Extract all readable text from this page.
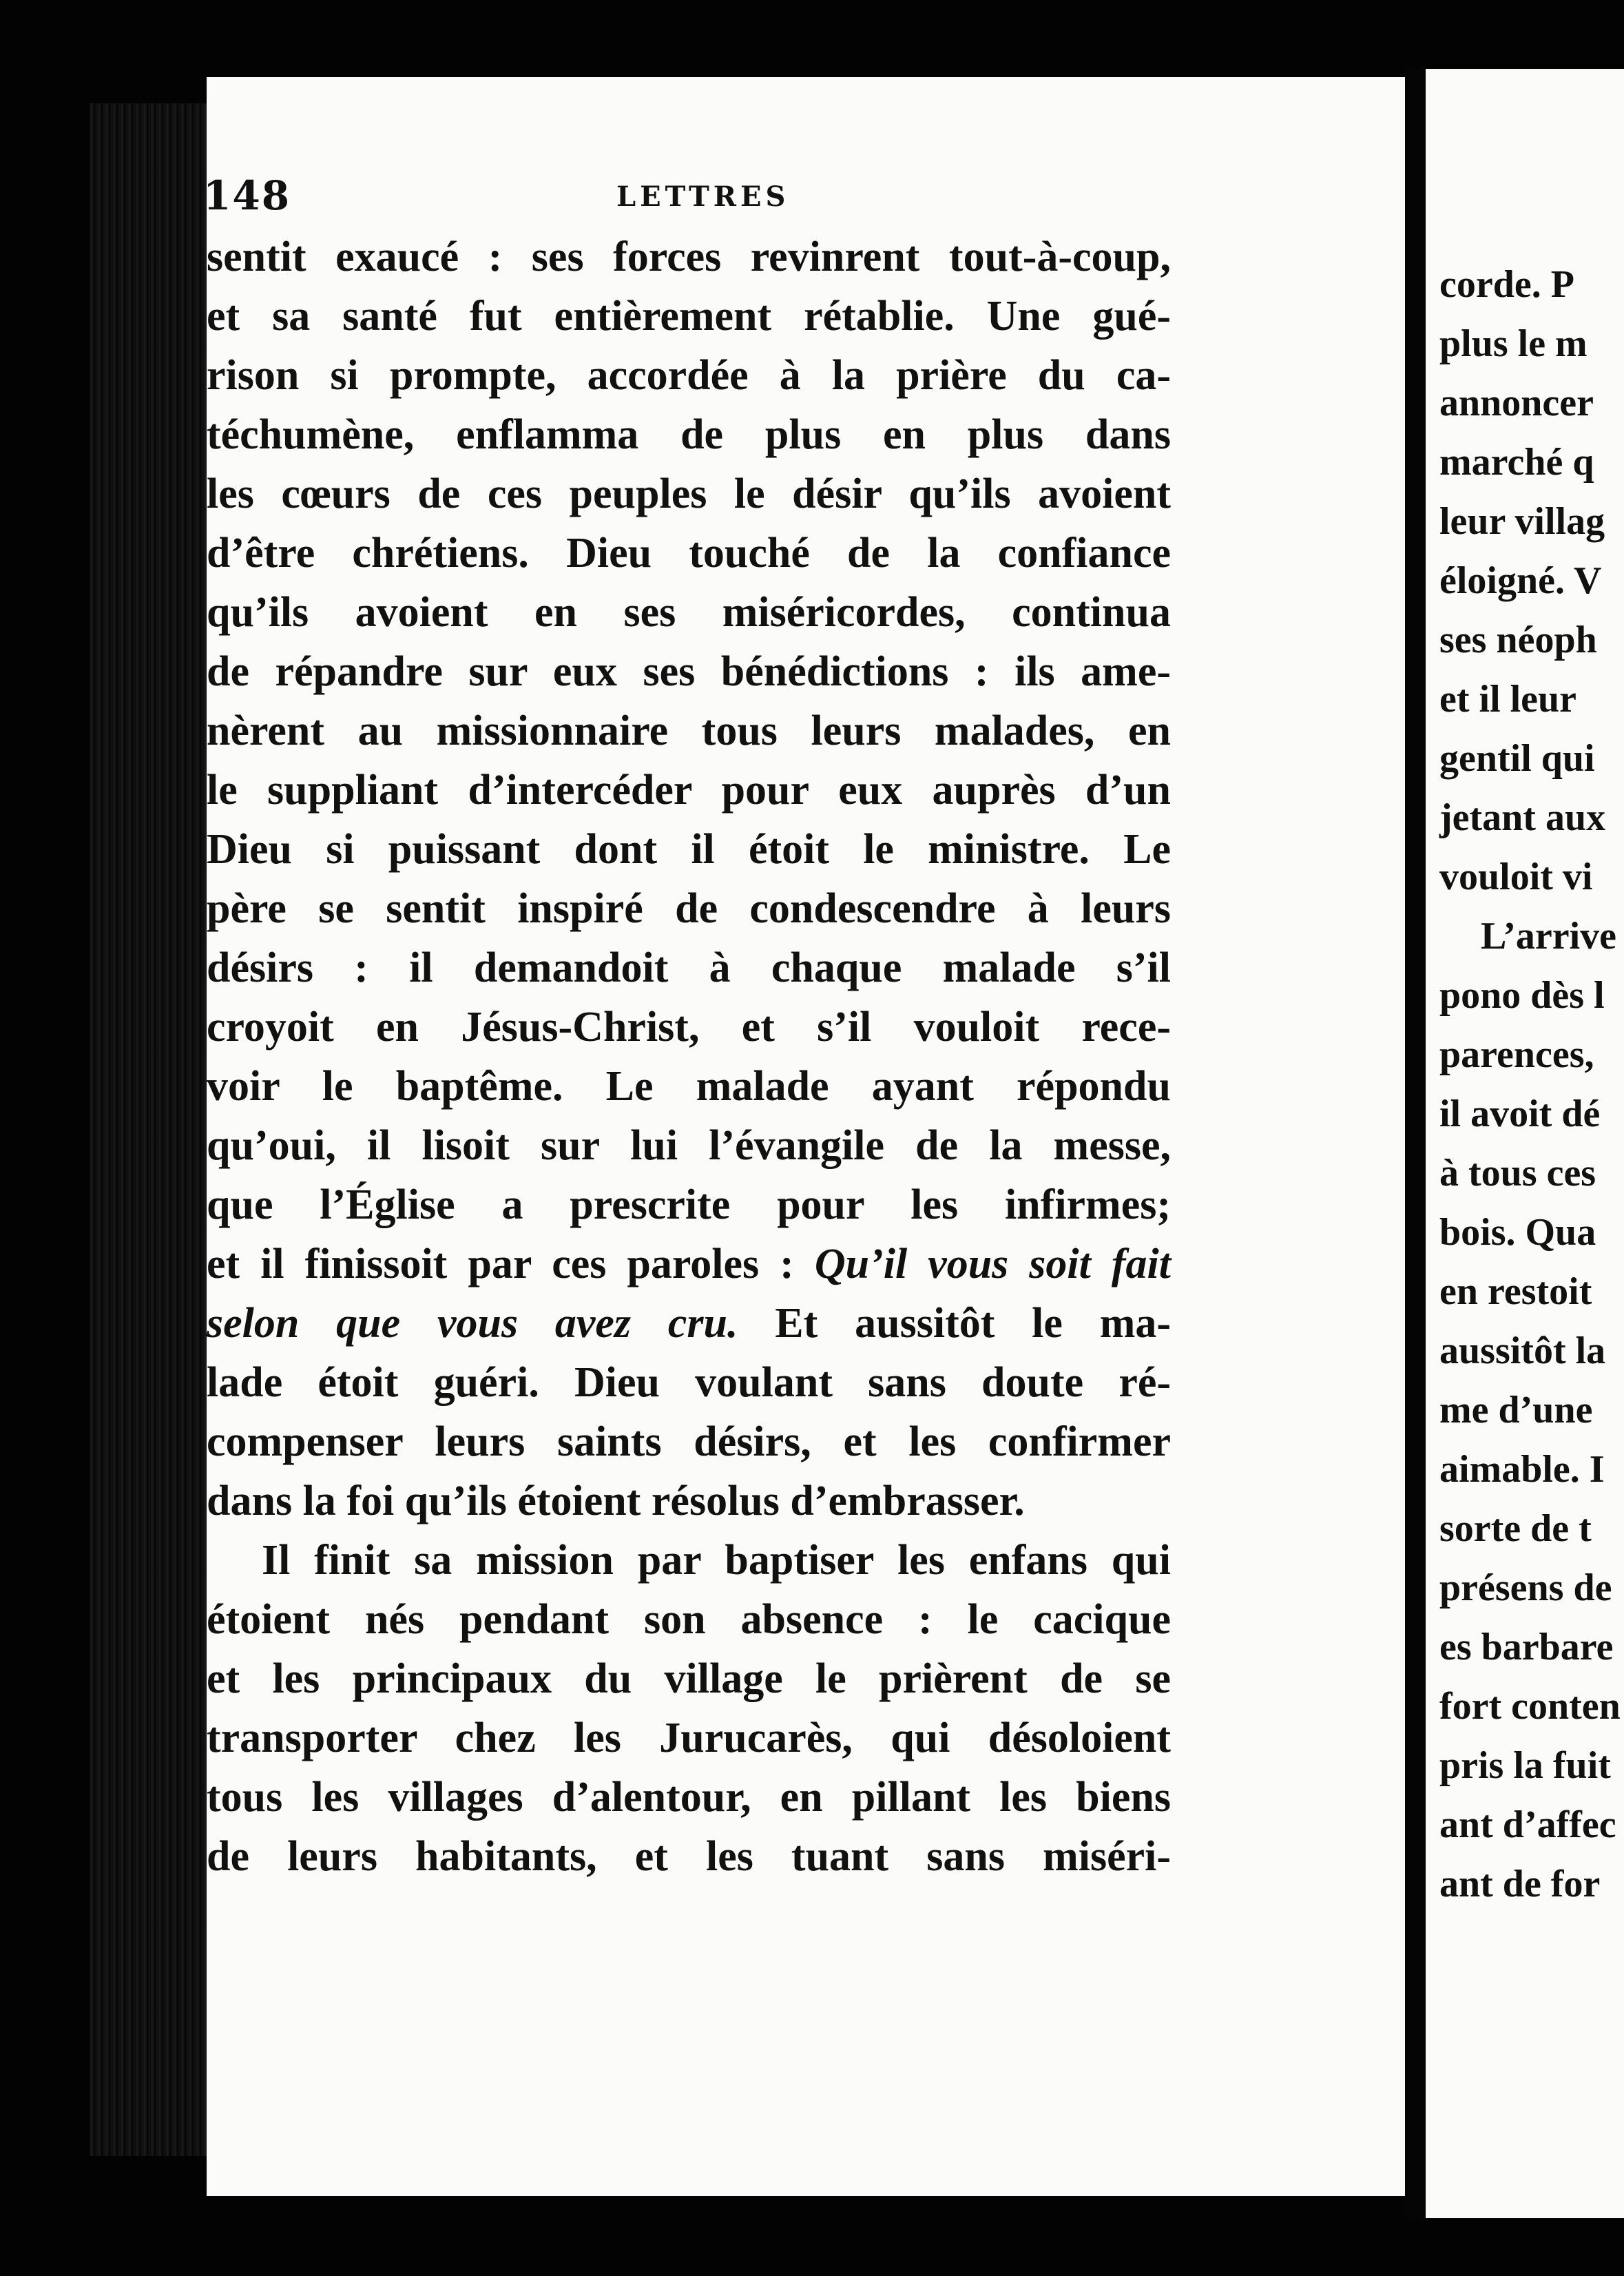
corde. P
plus le m
annoncer
marché q
leur villag
éloigné. V
ses néoph
et il leur
gentil qui
jetant aux
vouloit vi
L’arrive
pono dès l
parences,
il avoit dé
à tous ces
bois. Qua
en restoit
aussitôt la
me d’une
aimable. I
sorte de t
présens de
es barbare
fort conten
pris la fuit
ant d’affec
ant de for
148	LETTRES
sentit exaucé : ses forces revinrent tout-à-coup,
et sa santé fut entièrement rétablie. Une gué-
rison si prompte, accordée à la prière du ca-
téchumène, enflamma de plus en plus dans
les cœurs de ces peuples le désir qu’ils avoient
d’être chrétiens. Dieu touché de la confiance
qu’ils avoient en ses miséricordes, continua
de répandre sur eux ses bénédictions : ils ame-
nèrent au missionnaire tous leurs malades, en
le suppliant d’intercéder pour eux auprès d’un
Dieu si puissant dont il étoit le ministre. Le
père se sentit inspiré de condescendre à leurs
désirs : il demandoit à chaque malade s’il
croyoit en Jésus-Christ, et s’il vouloit rece-
voir le baptême. Le malade ayant répondu
qu’oui, il lisoit sur lui l’évangile de la messe,
que l’Église a prescrite pour les infirmes;
et il finissoit par ces paroles : Qu’il vous soit fait
selon que vous avez cru. Et aussitôt le ma-
lade étoit guéri. Dieu voulant sans doute ré-
compenser leurs saints désirs, et les confirmer
dans la foi qu’ils étoient résolus d’embrasser.
Il finit sa mission par baptiser les enfans qui
étoient nés pendant son absence : le cacique
et les principaux du village le prièrent de se
transporter chez les Jurucarès, qui désoloient
tous les villages d’alentour, en pillant les biens
de leurs habitants, et les tuant sans miséri-
